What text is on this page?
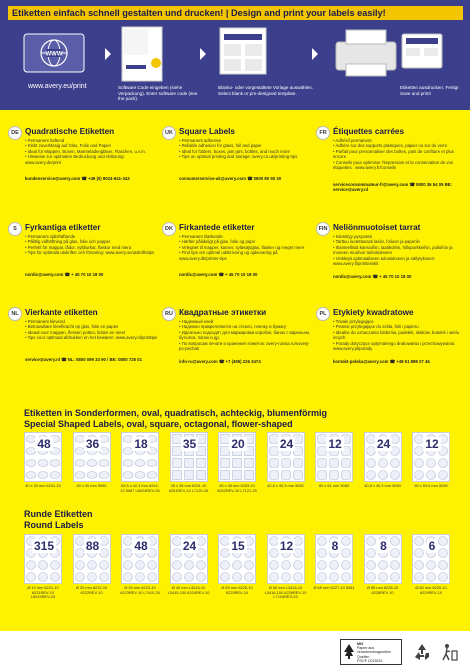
Etiketten einfach schnell gestalten und drucken! | Design and print your labels easily!
WWW
www.avery.eu/print	Software Code eingeben (siehe Verpackung). Enter software code (see the pack).
Blanko- oder vorgestaltete Vorlage auswählen. Select blank or pre-designed template.
Etiketten ausdrucken. Fertig! Save and print!
DE Quadratische Etiketten
• Permanent haftend
• Klebt zuverlässig auf Glas, Folie und Papier
• Ideal für Mappen, Boxen, Marmeladengläser, Flaschen, u.v.m.
• Hinweise zur optimalen Bedruckung und Ablösung: www.avery.de/print
kundenservice@avery.com ☎ +49 (0) 8024-641-343
UK Square Labels
• Permanent adhesive
• Reliable adhesion for glass, foil and paper
• Ideal for folders, boxes, jam jars, bottles, and much more
• Tips on optimal printing and storage: avery.co.uk/printing-tips
consumerservice-uk@avery.com ☎ 0800 80 50 20
FR Étiquettes carrées
• Adhésif permanent
• Adhère sur des supports plastiques, papier ou sur du verre
• Parfait pour personnaliser des boîtes, pots de confiture et plus encore
• Conseils pour optimiser l'impression et la conservation de vos étiquettes : www.avery.fr/conseils
serviceconsommateur-fr@avery.com ☎ 0800 36 54 09 BE: service@avery.nl
S Fyrkantiga etiketter
• Permanent självhäftande
• Pålitlig vidhäftning på glas, folie och papper
• Perfekt för mappar, lådor, syltburkar, flaskor med mera
• Tips för optimala utskrifter och förvaring: www.avery.se/utskriftstips
nordic@avery.com ☎ + 45 70 10 18 00
DK Firkantede etiketter
• Permanent klæbende
• Hæfter pålideligt på glas, folie og papir
• Velegnet til mapper, kasser, syltetøjsglas, flasker og meget mere
• Find tips om optimal udskrivning og opbevaring på www.avery.dk/printer-tips
nordic@avery.com ☎ + 45 70 10 18 00
FIN Neliönmuotoiset tarrat
• Kiinnittyy pysyvästi
• Tarttuu luotettavasti lasiin, folioon ja paperiin
• Ihanteellisiä kansioihin, laatikoihin, hillopurkkeihin, pulloihin ja moneen muuhun tarkoitukseen
• Vinkkejä optimaaliseen tulostukseen ja säilytykseen: www.avery.fi/printtivinkit
nordic@avery.com ☎ + 45 70 10 18 00
NL Vierkante etiketten
• Permanent klevend
• Betrouwbare kleefkracht op glas, folie en papier
• Ideaal voor mappen, flessen potten, kisten en meer
• Tips voor optimaal afdrukken en het bewaren: www.avery.nl/printtips
service@avery.nl ☎ NL: 0800 099 33 90 / BE: 0800 725 01
RU Квадратные этикетки
• Надежный клей
• Надежно прикрепляются на стекло, пленку и бумагу
• Идеально подходят для маркировки коробок, банок с вареньем, бутылок, папок и др.
• По вопросам печати и хранения этикеток: avery-russia.ru/sovety-po-pechati
info-ru@avery.com ☎ +7 (495) 226 3474
PL Etykiety kwadratowe
• Trwale przylegające
• Pewnie przylegające do szkła, folii i papieru
• Idealne do oznaczania folderów, pudełek, słoików, butelek i wielu innych
• Porady dotyczące optymalnego drukowania i przechowywania: www.avery.pl/porady
kontakt-polska@avery.com ☎ +48 61 898 27 46
Etiketten in Sonderformen, oval, quadratisch, achteckig, blumenförmig
Special Shaped Labels, oval, square, octagonal, flower-shaped
Runde Etiketten
Round Labels
MIX
Papier aus verantwortungsvollen Quellen
FSC® C013519
48
40 x 20 mm 6241-10
36
40 x 30 mm 5080
18
63,5 x 42,3 mm 6242-10 5087 L6024REV-25
35
35 x 35 mm 6251-10 6251REV-10 L7120-25
20
45 x 45 mm 6253-10 6252REV-10 L7121-25
24
40,8 x 40,3 mm 5082
12
60 x 61 mm 5083
24
40,8 x 40,3 mm 5084
12
60 x 59,5 mm 5085
315
Ø 10 mm 6221-10 6221REV-10 L6019REV-25
88
Ø 20 mm 6222-10 6222REV-10
48
Ø 30 mm 6223-10 6223REV-10 L7410-25
24
Ø 40 mm L3415-10 L3415-100 6224REV-10
15
Ø 50 mm 6225-10 6225REV-10
12
Ø 60 mm L3416-10 L3416-100 6226REV-10 L7104REV-25
8
Ø 65 mm 6227-10 5081
8
Ø 85 mm 6228-10 6228REV-10
6
Ø 80 mm 6229-10 6229REV-10
